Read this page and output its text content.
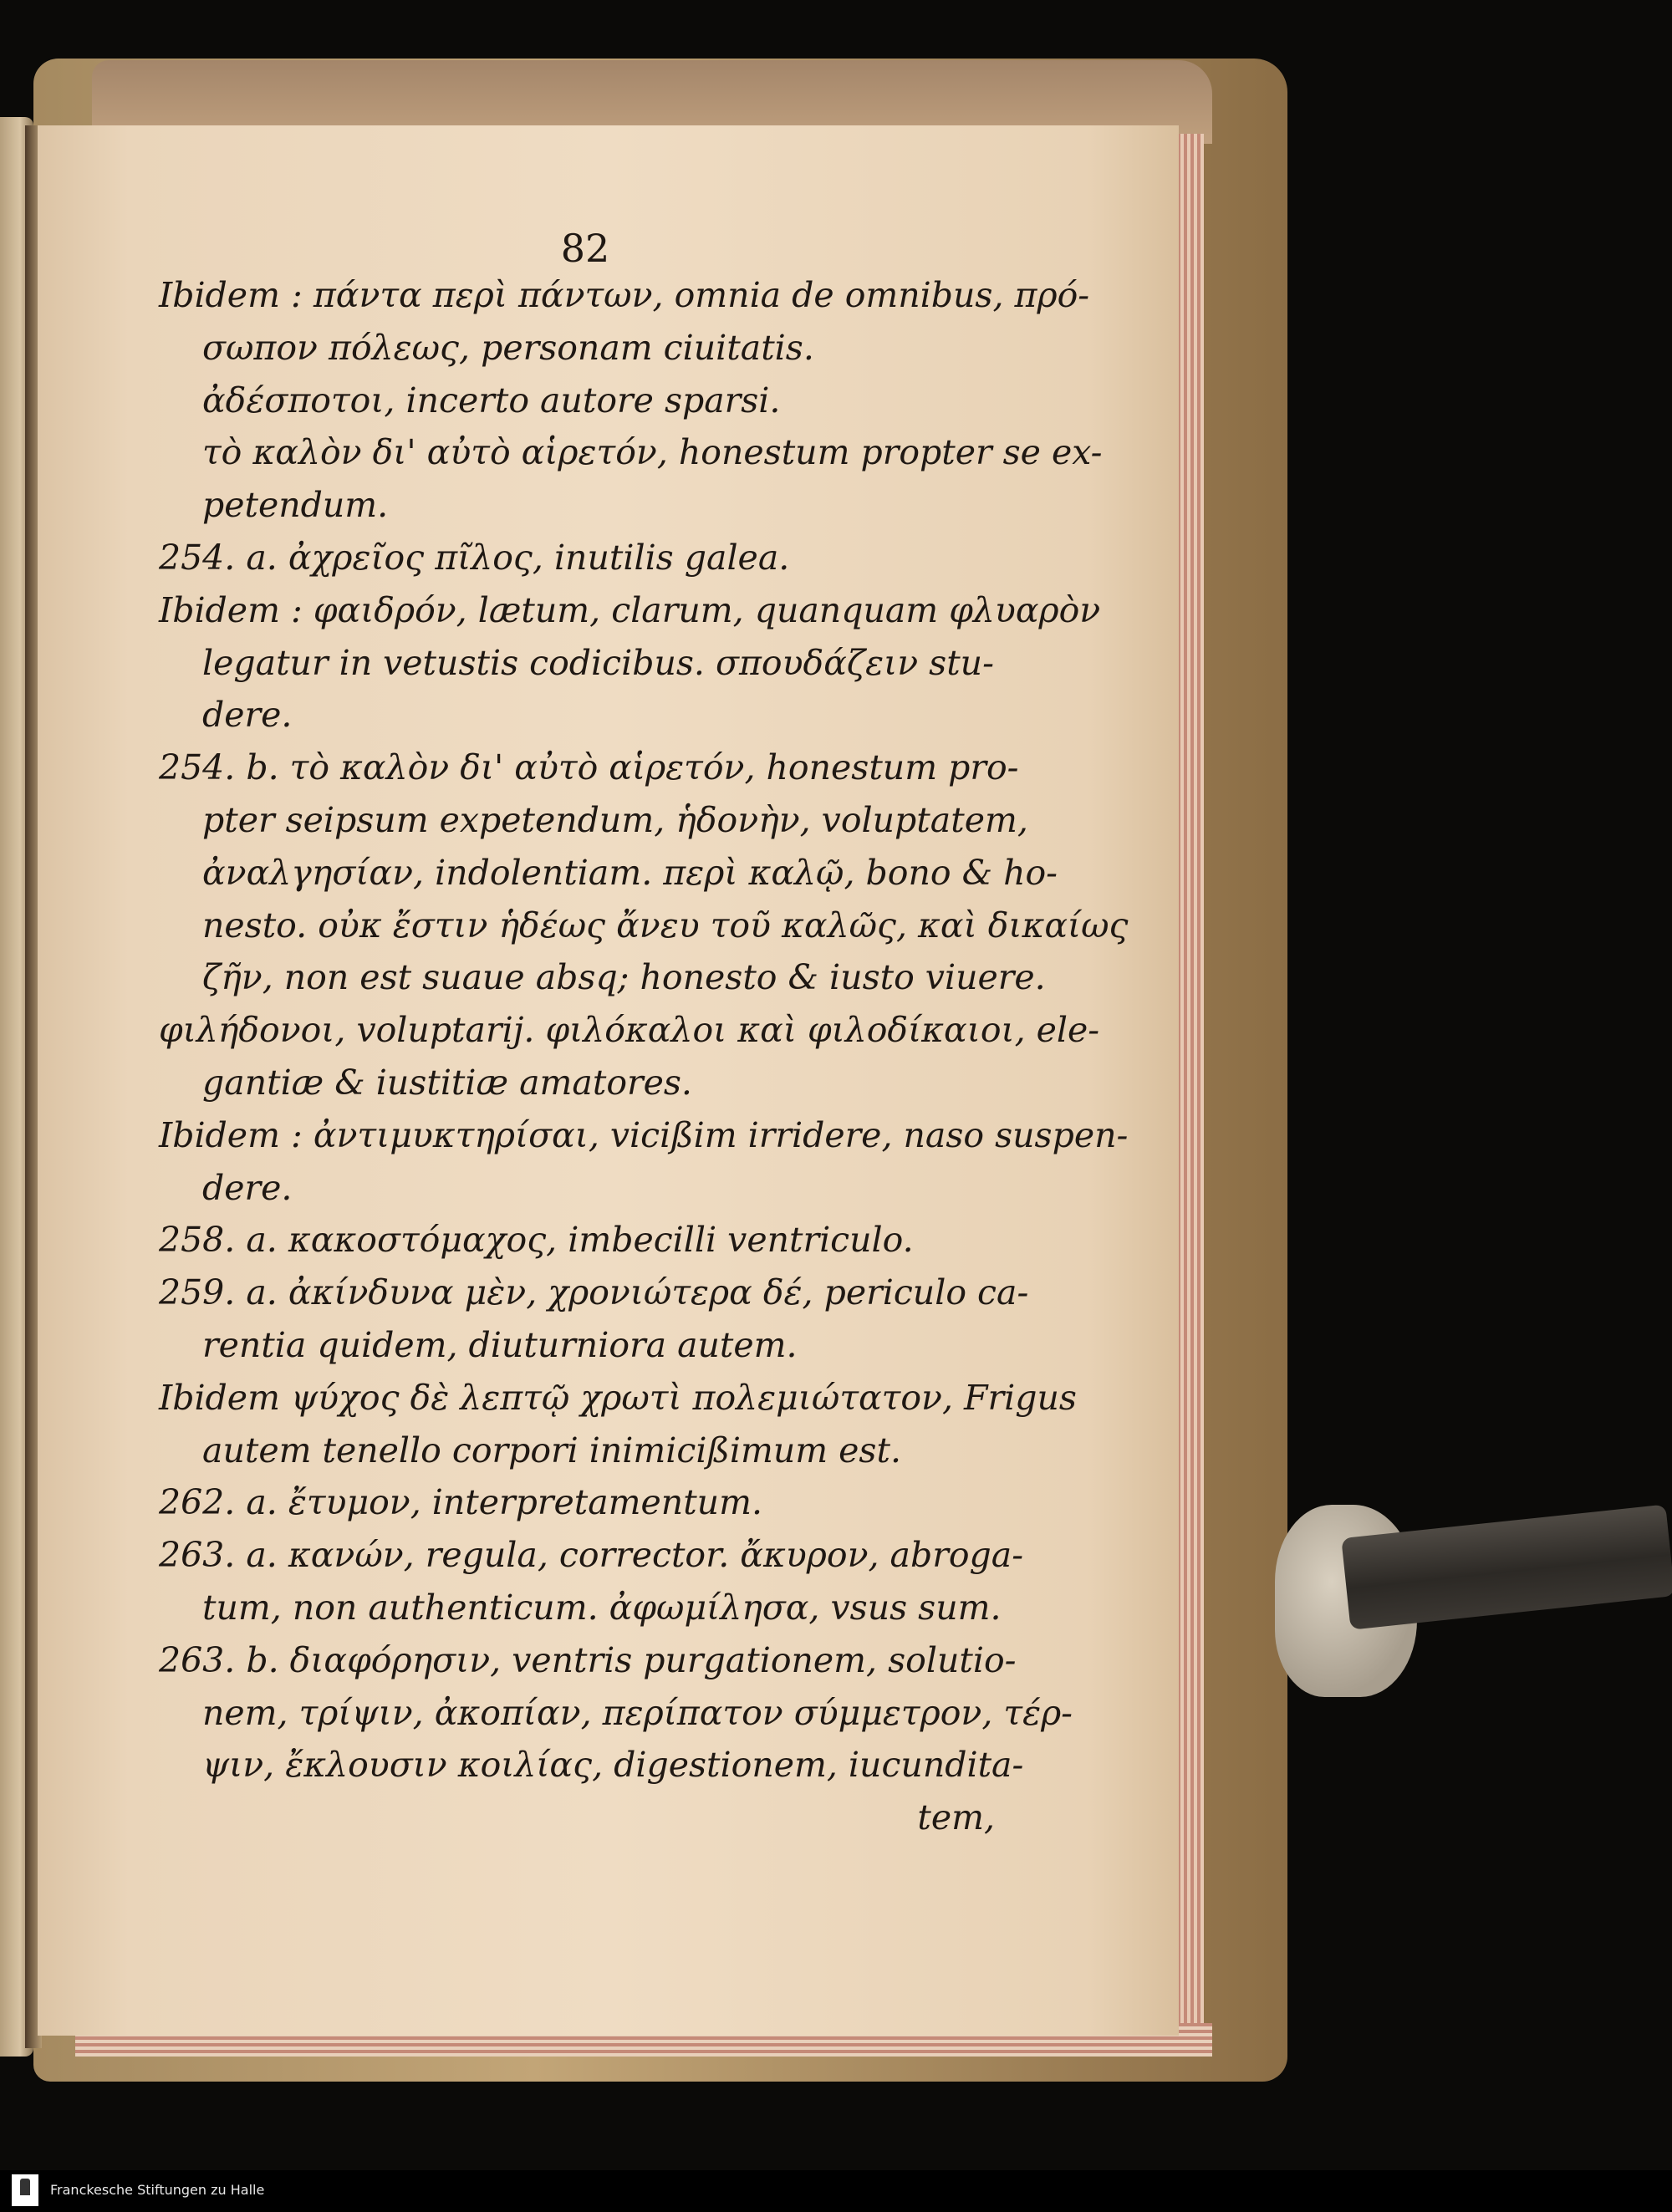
82
Ibidem : πάντα περὶ πάντων, omnia de omnibus, πρό-
σωπον πόλεως, personam ciuitatis.
ἀδέσποτοι, incerto autore sparsi.
τὸ καλὸν δι' αὐτὸ αἱρετόν, honestum propter se ex-
petendum.
254. a. ἀχρεῖος πῖλος, inutilis galea.
Ibidem : φαιδρόν, lætum, clarum, quanquam φλυαρὸν
legatur in vetustis codicibus. σπουδάζειν stu-
dere.
254. b. τὸ καλὸν δι' αὐτὸ αἱρετόν, honestum pro-
pter seipsum expetendum, ἡδονὴν, voluptatem,
ἀναλγησίαν, indolentiam. περὶ καλῷ, bono & ho-
nesto. οὐκ ἔστιν ἡδέως ἄνευ τοῦ καλῶς, καὶ δικαίως
ζῆν, non est suaue absq; honesto & iusto viuere.
φιλήδονοι, voluptarij. φιλόκαλοι καὶ φιλοδίκαιοι, ele-
gantiæ & iustitiæ amatores.
Ibidem : ἀντιμυκτηρίσαι, vicißim irridere, naso suspen-
dere.
258. a. κακοστόμαχος, imbecilli ventriculo.
259. a. ἀκίνδυνα μὲν, χρονιώτερα δέ, periculo ca-
rentia quidem, diuturniora autem.
Ibidem ψύχος δὲ λεπτῷ χρωτὶ πολεμιώτατον, Frigus
autem tenello corpori inimicißimum est.
262. a. ἔτυμον, interpretamentum.
263. a. κανών, regula, corrector. ἄκυρον, abroga-
tum, non authenticum. ἀφωμίλησα, vsus sum.
263. b. διαφόρησιν, ventris purgationem, solutio-
nem, τρίψιν, ἀκοπίαν, περίπατον σύμμετρον, τέρ-
ψιν, ἔκλουσιν κοιλίας, digestionem, iucundita-
tem,
Franckesche Stiftungen zu Halle
